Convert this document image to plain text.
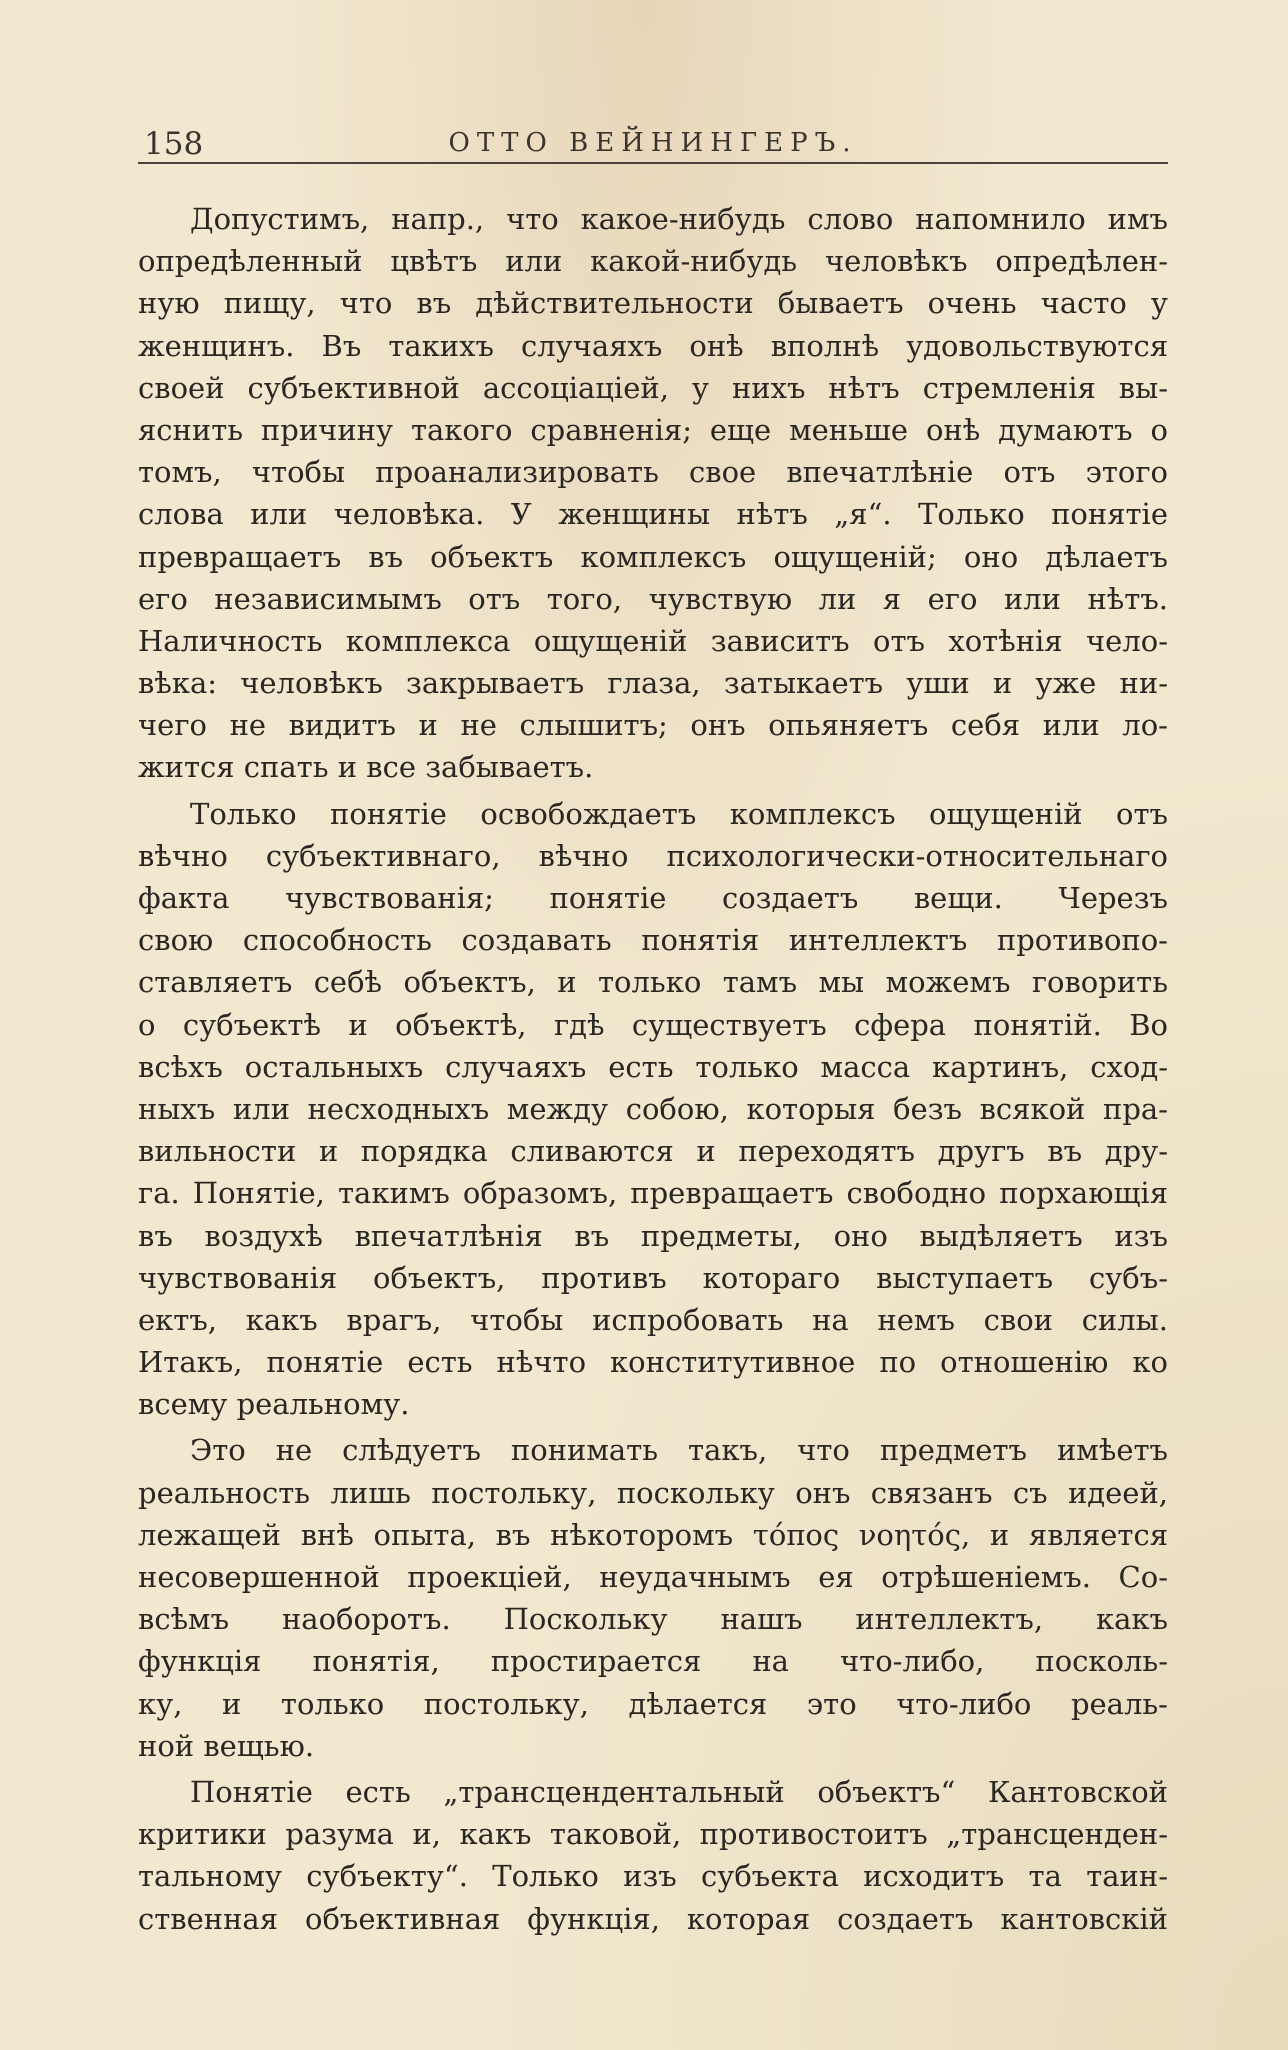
158	ОТТО ВЕЙНИНГЕРЪ.
Допустимъ, напр., что какое-нибудь слово напомнило имъ
опредѣленный цвѣтъ или какой-нибудь человѣкъ опредѣлен-
ную пищу, что въ дѣйствительности бываетъ очень часто у
женщинъ. Въ такихъ случаяхъ онѣ вполнѣ удовольствуются
своей субъективной ассоціаціей, у нихъ нѣтъ стремленія вы-
яснить причину такого сравненія; еще меньше онѣ думаютъ о
томъ, чтобы проанализировать свое впечатлѣніе отъ этого
слова или человѣка. У женщины нѣтъ „я“. Только понятіе
превращаетъ въ объектъ комплексъ ощущеній; оно дѣлаетъ
его независимымъ отъ того, чувствую ли я его или нѣтъ.
Наличность комплекса ощущеній зависитъ отъ хотѣнія чело-
вѣка: человѣкъ закрываетъ глаза, затыкаетъ уши и уже ни-
чего не видитъ и не слышитъ; онъ опьяняетъ себя или ло-
жится спать и все забываетъ.
Только понятіе освобождаетъ комплексъ ощущеній отъ
вѣчно субъективнаго, вѣчно психологически-относительнаго
факта чувствованія; понятіе создаетъ вещи. Черезъ
свою способность создавать понятія интеллектъ противопо-
ставляетъ себѣ объектъ, и только тамъ мы можемъ говорить
о субъектѣ и объектѣ, гдѣ существуетъ сфера понятій. Во
всѣхъ остальныхъ случаяхъ есть только масса картинъ, сход-
ныхъ или несходныхъ между собою, которыя безъ всякой пра-
вильности и порядка сливаются и переходятъ другъ въ дру-
га. Понятіе, такимъ образомъ, превращаетъ свободно порхающія
въ воздухѣ впечатлѣнія въ предметы, оно выдѣляетъ изъ
чувствованія объектъ, противъ котораго выступаетъ субъ-
ектъ, какъ врагъ, чтобы испробовать на немъ свои силы.
Итакъ, понятіе есть нѣчто конститутивное по отношенію ко
всему реальному.
Это не слѣдуетъ понимать такъ, что предметъ имѣетъ
реальность лишь постольку, поскольку онъ связанъ съ идеей,
лежащей внѣ опыта, въ нѣкоторомъ τόπος νοητός, и является
несовершенной проекціей, неудачнымъ ея отрѣшеніемъ. Со-
всѣмъ наоборотъ. Поскольку нашъ интеллектъ, какъ
функція понятія, простирается на что-либо, посколь-
ку, и только постольку, дѣлается это что-либо реаль-
ной вещью.
Понятіе есть „трансцендентальный объектъ“ Кантовской
критики разума и, какъ таковой, противостоитъ „трансценден-
тальному субъекту“. Только изъ субъекта исходитъ та таин-
ственная объективная функція, которая создаетъ кантовскій
